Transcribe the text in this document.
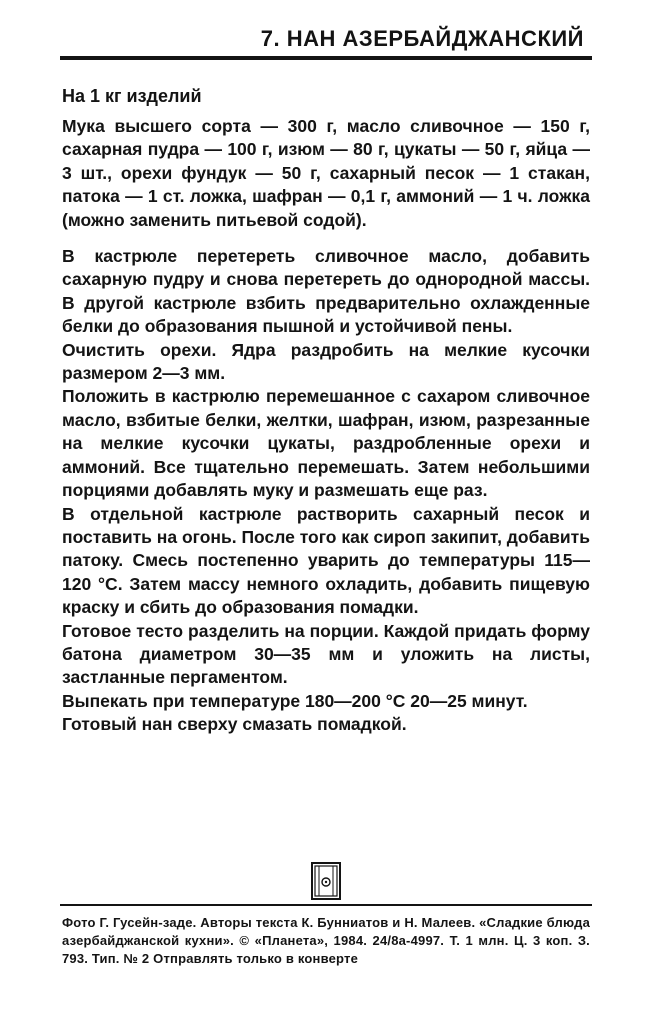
7. НАН АЗЕРБАЙДЖАНСКИЙ
На 1 кг изделий

Мука высшего сорта — 300 г, масло сливочное — 150 г, сахарная пудра — 100 г, изюм — 80 г, цукаты — 50 г, яйца — 3 шт., орехи фундук — 50 г, сахарный песок — 1 стакан, патока — 1 ст. ложка, шафран — 0,1 г, аммоний — 1 ч. ложка (можно заменить питьевой содой).

В кастрюле перетереть сливочное масло, добавить сахарную пудру и снова перетереть до однородной массы. В другой кастрюле взбить предварительно охлажденные белки до образования пышной и устойчивой пены.

Очистить орехи. Ядра раздробить на мелкие кусочки размером 2—3 мм.

Положить в кастрюлю перемешанное с сахаром сливочное масло, взбитые белки, желтки, шафран, изюм, разрезанные на мелкие кусочки цукаты, раздробленные орехи и аммоний. Все тщательно перемешать. Затем небольшими порциями добавлять муку и размешать еще раз.

В отдельной кастрюле растворить сахарный песок и поставить на огонь. После того как сироп закипит, добавить патоку. Смесь постепенно уварить до температуры 115—120 °С. Затем массу немного охладить, добавить пищевую краску и сбить до образования помадки.

Готовое тесто разделить на порции. Каждой придать форму батона диаметром 30—35 мм и уложить на листы, застланные пергаментом.

Выпекать при температуре 180—200 °С 20—25 минут.

Готовый нан сверху смазать помадкой.

Фото Г. Гусейн-заде. Авторы текста К. Бунниатов и Н. Малеев. «Сладкие блюда азербайджанской кухни». © «Планета», 1984. 24/8а-4997. Т. 1 млн. Ц. 3 коп. З. 793. Тип. № 2 Отправлять только в конверте
